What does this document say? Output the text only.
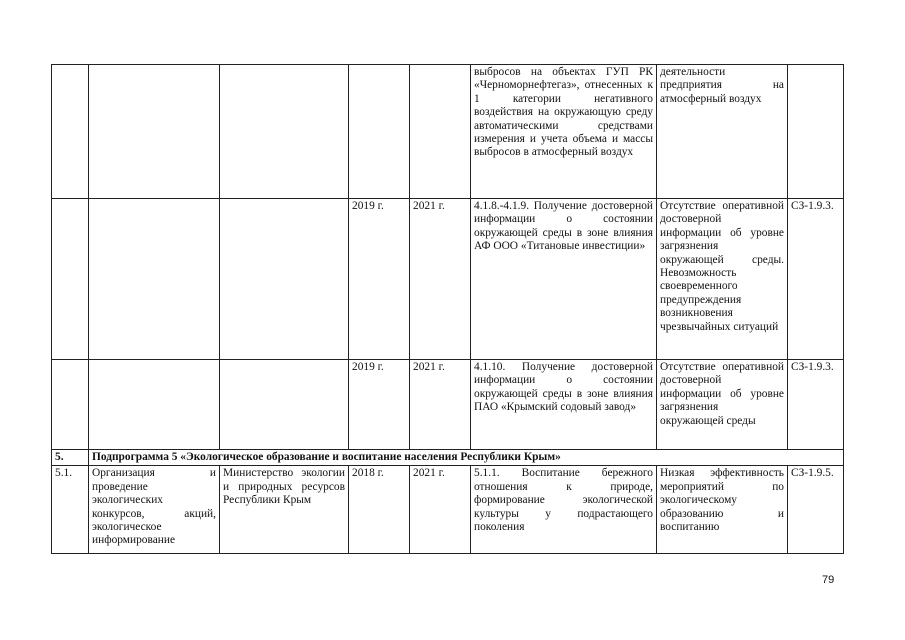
					выбросов на объектах ГУП РК «Черноморнефтегаз», отнесенных к 1 категории негативного воздействия на окружающую среду автоматическими средствами измерения и учета объема и массы выбросов в атмосферный воздух	деятельности предприятия на атмосферный воздух	
			2019 г.	2021 г.	4.1.8.-4.1.9. Получение достоверной информации о состоянии окружающей среды в зоне влияния АФ ООО «Титановые инвестиции»	Отсутствие оперативной достоверной информации об уровне загрязнения окружающей среды. Невозможность своевременного предупреждения возникновения чрезвычайных ситуаций	СЗ-1.9.3.
			2019 г.	2021 г.	4.1.10. Получение достоверной информации о состоянии окружающей среды в зоне влияния ПАО «Крымский содовый завод»	Отсутствие оперативной достоверной информации об уровне загрязнения окружающей среды	СЗ-1.9.3.
5.	Подпрограмма 5 «Экологическое образование и воспитание населения Республики Крым»						
5.1.	Организация и проведение экологических конкурсов, акций, экологическое информирование	Министерство экологии и природных ресурсов Республики Крым	2018 г.	2021 г.	5.1.1. Воспитание бережного отношения к природе, формирование экологической культуры у подрастающего поколения	Низкая эффективность мероприятий по экологическому образованию и воспитанию	СЗ-1.9.5.
79
